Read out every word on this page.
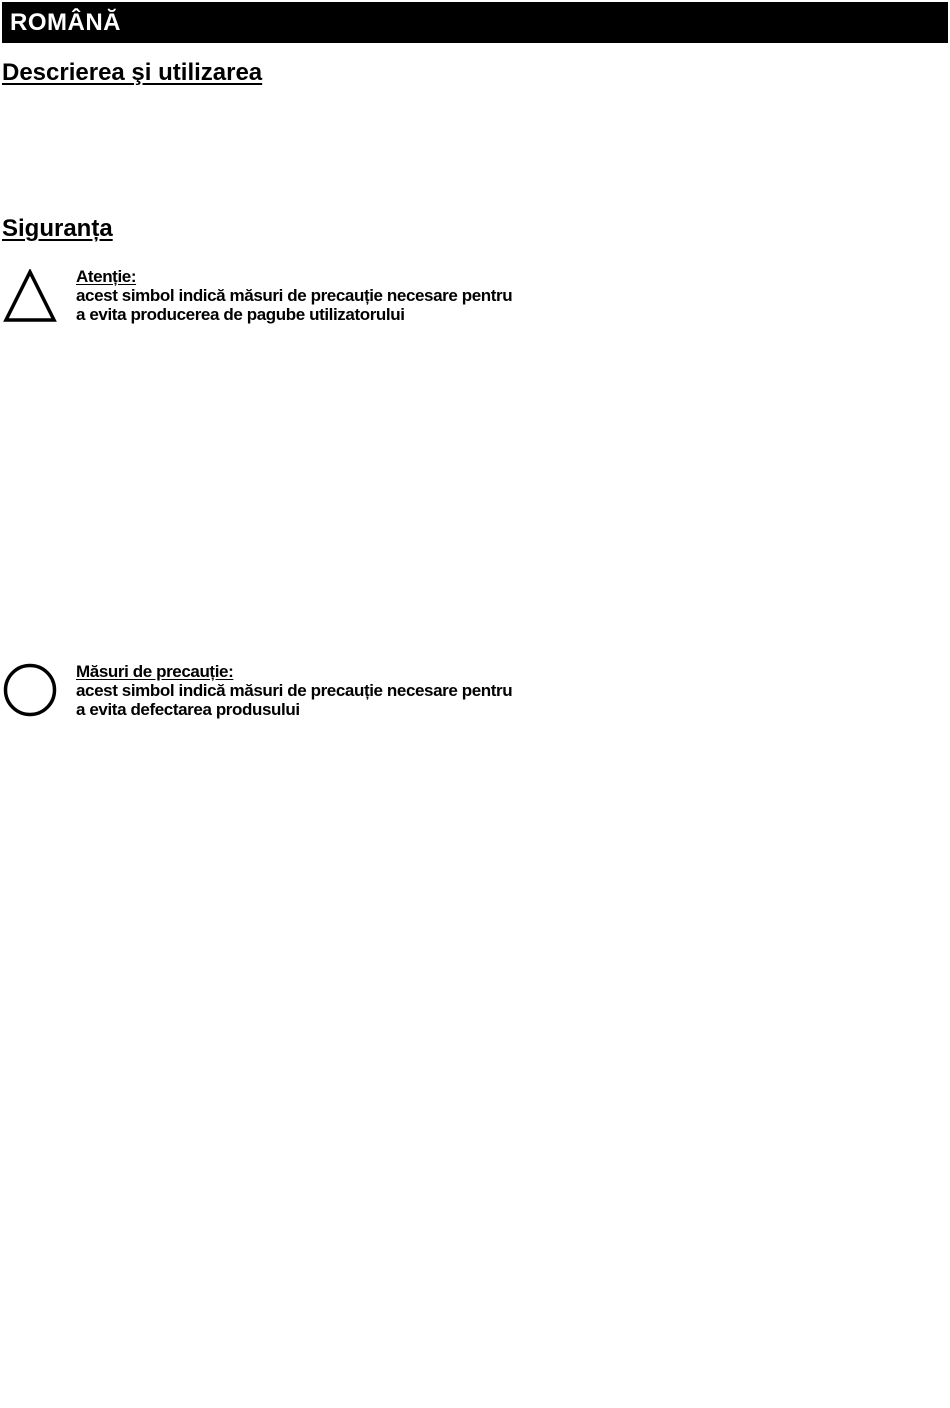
ROMÂNĂ
Descrierea şi utilizarea
Siguranța
Atenție:
acest simbol indică măsuri de precauție necesare pentru
a evita producerea de pagube utilizatorului
Măsuri de precauție:
acest simbol indică măsuri de precauție necesare pentru
a evita defectarea produsului
